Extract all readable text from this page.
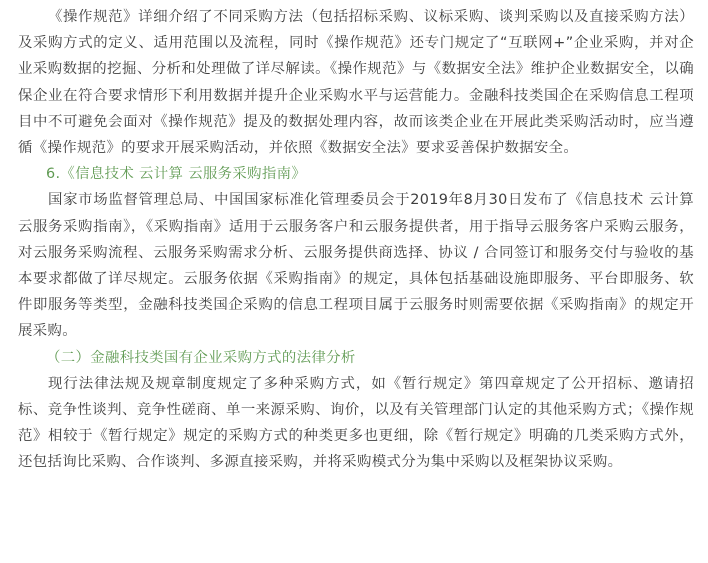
《操作规范》详细介绍了不同采购方法（包括招标采购、议标采购、谈判采购以及直接采购方法）及采购方式的定义、适用范围以及流程，同时《操作规范》还专门规定了“互联网+”企业采购，并对企业采购数据的挖掘、分析和处理做了详尽解读。《操作规范》与《数据安全法》维护企业数据安全，以确保企业在符合要求情形下利用数据并提升企业采购水平与运营能力。金融科技类国企在采购信息工程项目中不可避免会面对《操作规范》提及的数据处理内容，故而该类企业在开展此类采购活动时，应当遵循《操作规范》的要求开展采购活动，并依照《数据安全法》要求妥善保护数据安全。

6.《信息技术 云计算 云服务采购指南》

国家市场监督管理总局、中国国家标准化管理委员会于2019年8月30日发布了《信息技术 云计算 云服务采购指南》，《采购指南》适用于云服务客户和云服务提供者，用于指导云服务客户采购云服务，对云服务采购流程、云服务采购需求分析、云服务提供商选择、协议 / 合同签订和服务交付与验收的基本要求都做了详尽规定。云服务依据《采购指南》的规定，具体包括基础设施即服务、平台即服务、软件即服务等类型，金融科技类国企采购的信息工程项目属于云服务时则需要依据《采购指南》的规定开展采购。

（二）金融科技类国有企业采购方式的法律分析

现行法律法规及规章制度规定了多种采购方式，如《暂行规定》第四章规定了公开招标、邀请招标、竞争性谈判、竞争性磋商、单一来源采购、询价，以及有关管理部门认定的其他采购方式；《操作规范》相较于《暂行规定》规定的采购方式的种类更多也更细，除《暂行规定》明确的几类采购方式外，还包括询比采购、合作谈判、多源直接采购，并将采购模式分为集中采购以及框架协议采购。
